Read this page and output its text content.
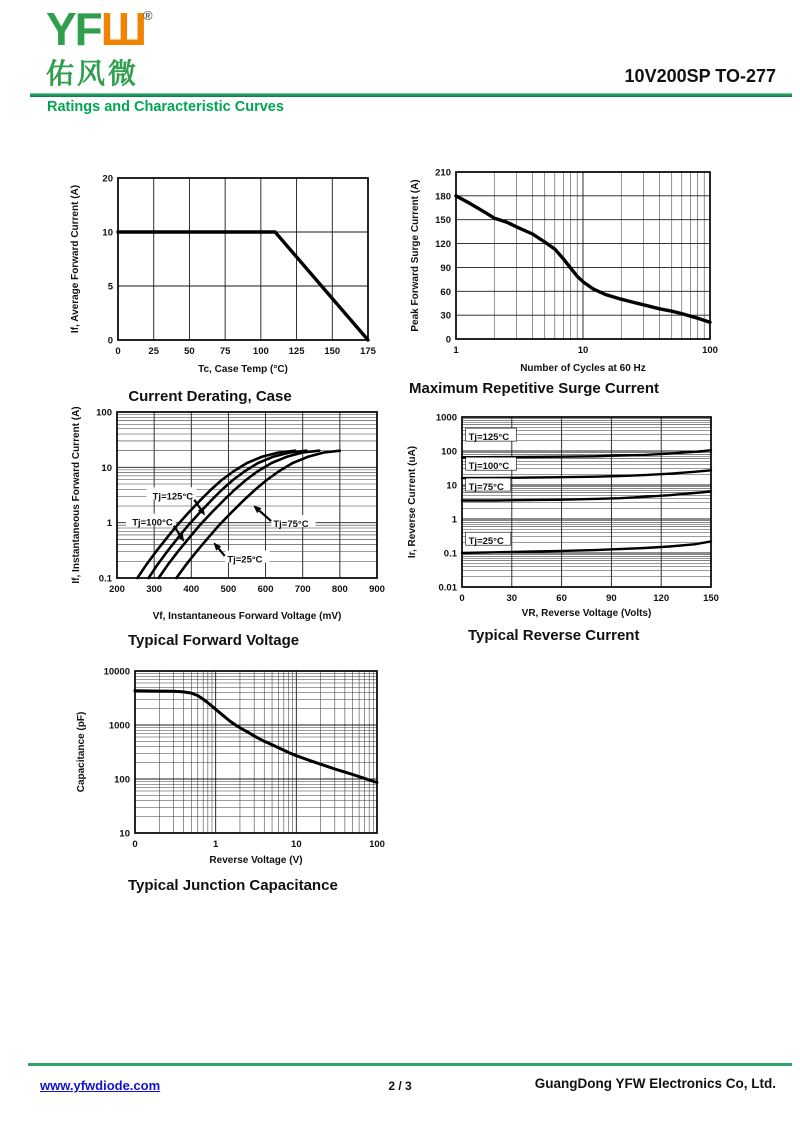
YFШ
®
佑风微	10V200SP TO-277
Ratings and Characteristic Curves
0	25	50	75 100 125 150 175
0
5
10
20
Tc, Case Temp (°C)
If, Average Forward Current (A)
1	10	100
0
30
60
90
120
150
180
210
Number of Cycles at 60 Hz
Peak Forward Surge Current (A)
Tj=125°C
Tj=100°C	Tj=75°C
Tj=25°C
200 300 400 500 600 700 800 900
0.1
1
10
100
Vf, Instantaneous Forward Voltage (mV)
If, Instantaneous Forward Current (A)	Tj=125°C
Tj=100°C
Tj=75°C
Tj=25°C
0	30	60	90	120	150
0.01
0.1
1
10
100
1000
VR, Reverse Voltage (Volts)
Ir, Reverse Current (uA)
0	1	10	100
10
100
1000
10000
Reverse Voltage (V)
Capacitance (pF)
Current Derating, Case	Maximum Repetitive Surge Current
Typical Forward Voltage	Typical Reverse Current
Typical Junction Capacitance
www.yfwdiode.com	2 / 3	GuangDong YFW Electronics Co, Ltd.
